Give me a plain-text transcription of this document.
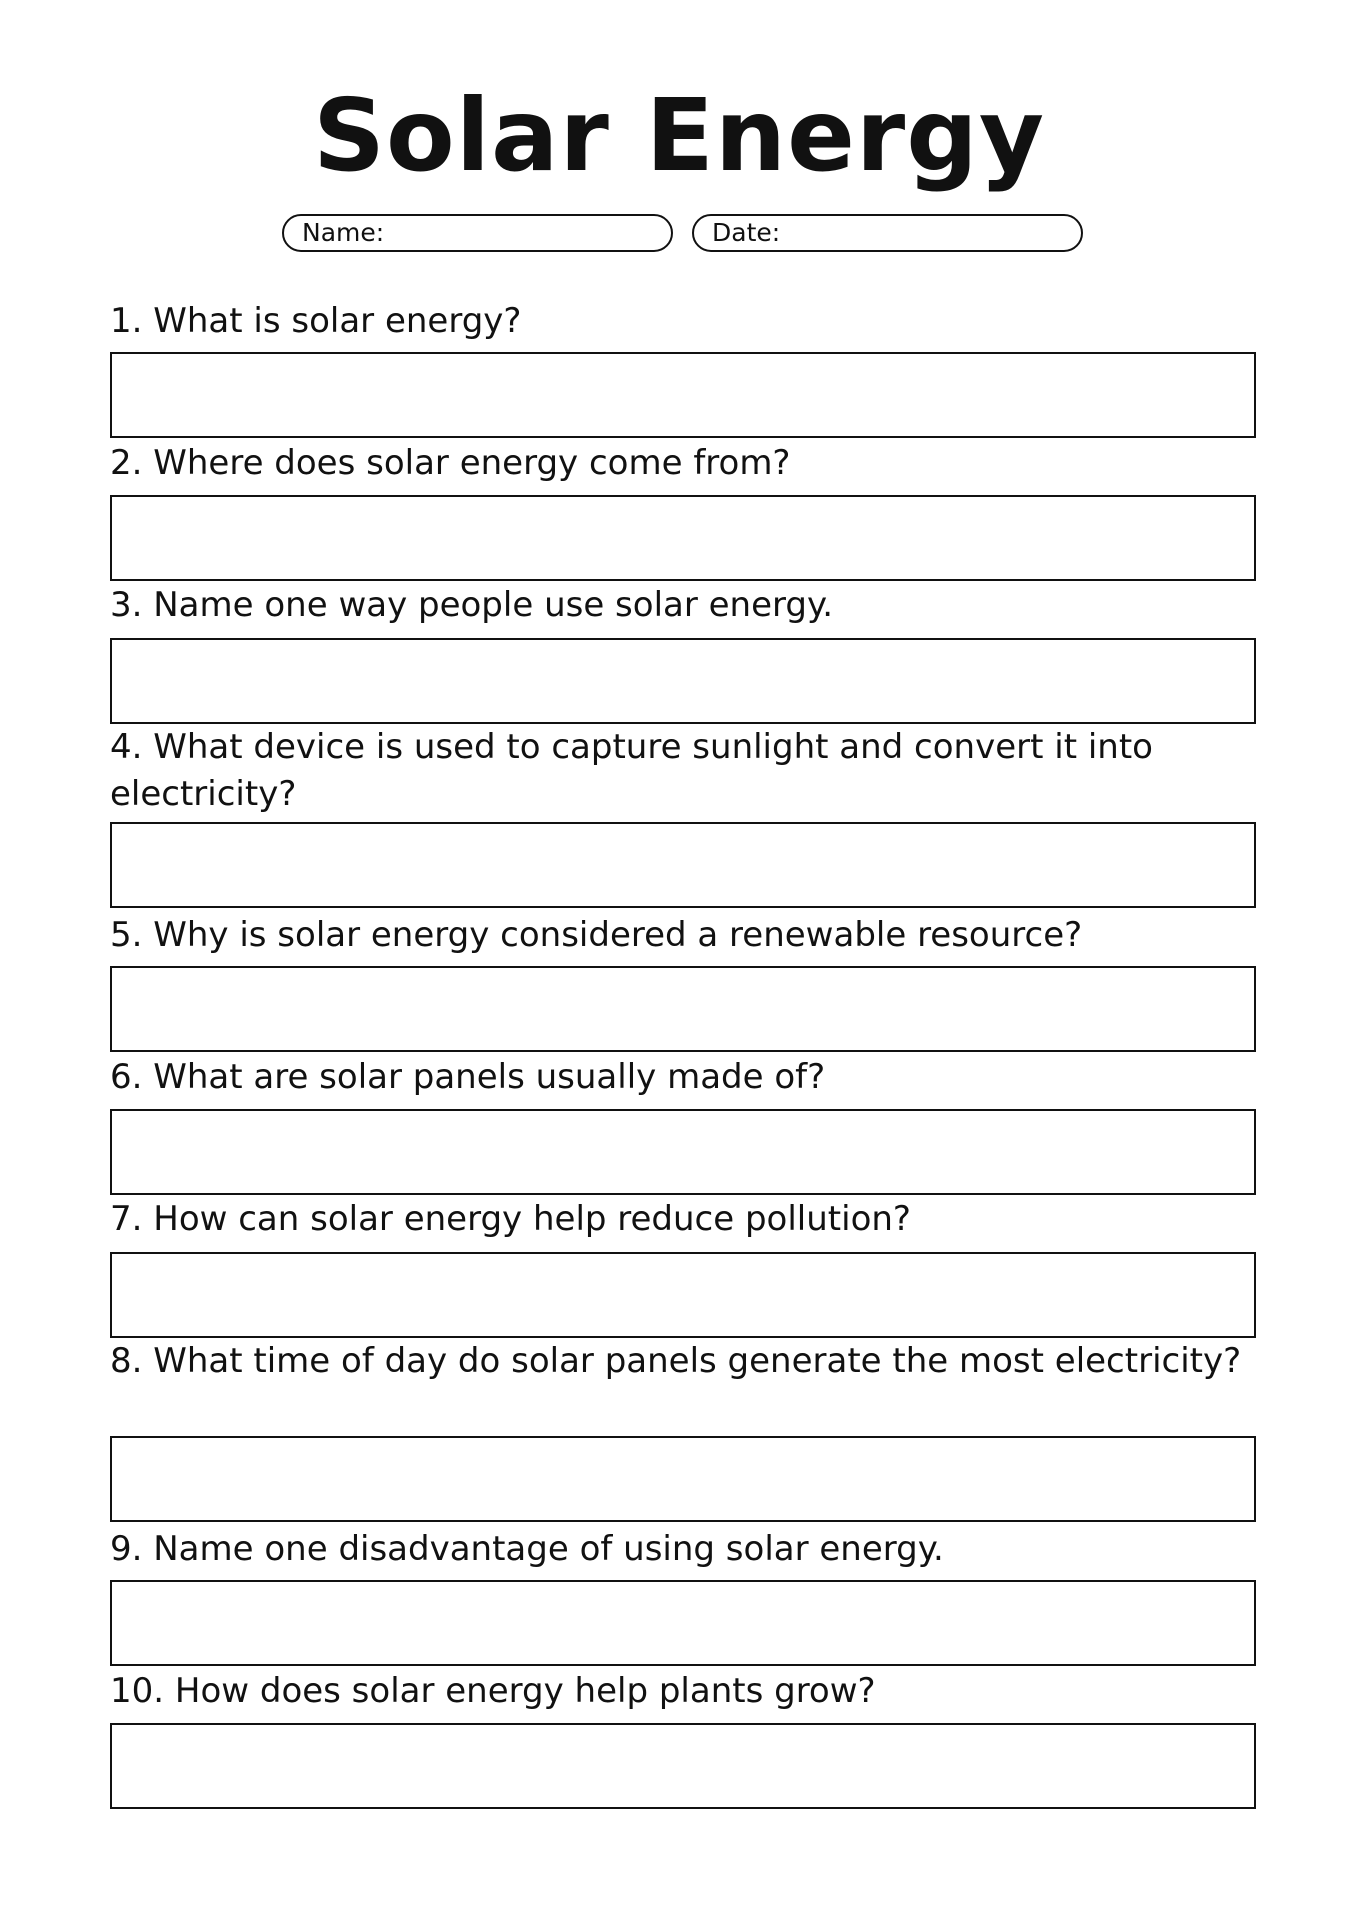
Solar Energy
Name:	Date:

1. What is solar energy?

2. Where does solar energy come from?

3. Name one way people use solar energy.

4. What device is used to capture sunlight and convert it into electricity?

5. Why is solar energy considered a renewable resource?

6. What are solar panels usually made of?

7. How can solar energy help reduce pollution?

8. What time of day do solar panels generate the most electricity?

9. Name one disadvantage of using solar energy.

10. How does solar energy help plants grow?
